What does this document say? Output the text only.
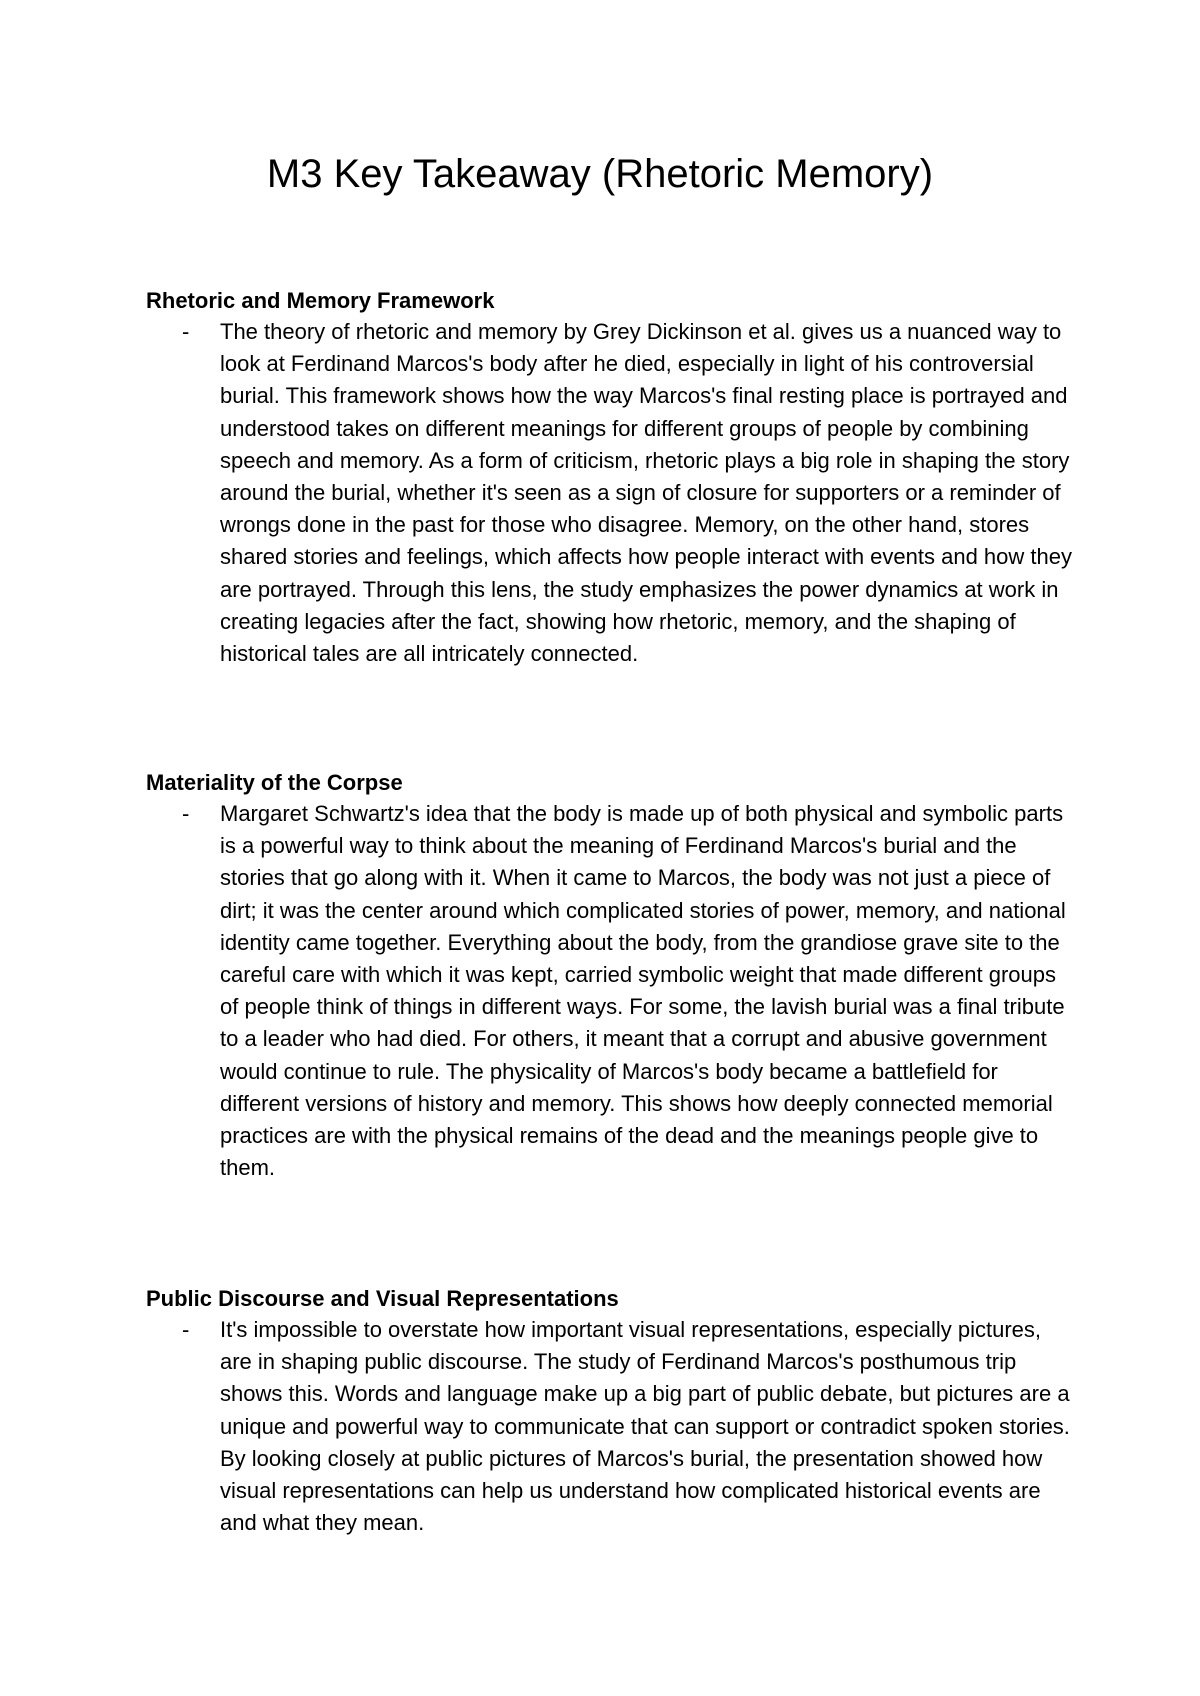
M3 Key Takeaway (Rhetoric Memory)

Rhetoric and Memory Framework

- The theory of rhetoric and memory by Grey Dickinson et al. gives us a nuanced way to look at Ferdinand Marcos's body after he died, especially in light of his controversial burial. This framework shows how the way Marcos's final resting place is portrayed and understood takes on different meanings for different groups of people by combining speech and memory. As a form of criticism, rhetoric plays a big role in shaping the story around the burial, whether it's seen as a sign of closure for supporters or a reminder of wrongs done in the past for those who disagree. Memory, on the other hand, stores shared stories and feelings, which affects how people interact with events and how they are portrayed. Through this lens, the study emphasizes the power dynamics at work in creating legacies after the fact, showing how rhetoric, memory, and the shaping of historical tales are all intricately connected.

Materiality of the Corpse

- Margaret Schwartz's idea that the body is made up of both physical and symbolic parts is a powerful way to think about the meaning of Ferdinand Marcos's burial and the stories that go along with it. When it came to Marcos, the body was not just a piece of dirt; it was the center around which complicated stories of power, memory, and national identity came together. Everything about the body, from the grandiose grave site to the careful care with which it was kept, carried symbolic weight that made different groups of people think of things in different ways. For some, the lavish burial was a final tribute to a leader who had died. For others, it meant that a corrupt and abusive government would continue to rule. The physicality of Marcos's body became a battlefield for different versions of history and memory. This shows how deeply connected memorial practices are with the physical remains of the dead and the meanings people give to them.

Public Discourse and Visual Representations

- It's impossible to overstate how important visual representations, especially pictures, are in shaping public discourse. The study of Ferdinand Marcos's posthumous trip shows this. Words and language make up a big part of public debate, but pictures are a unique and powerful way to communicate that can support or contradict spoken stories. By looking closely at public pictures of Marcos's burial, the presentation showed how visual representations can help us understand how complicated historical events are and what they mean.
